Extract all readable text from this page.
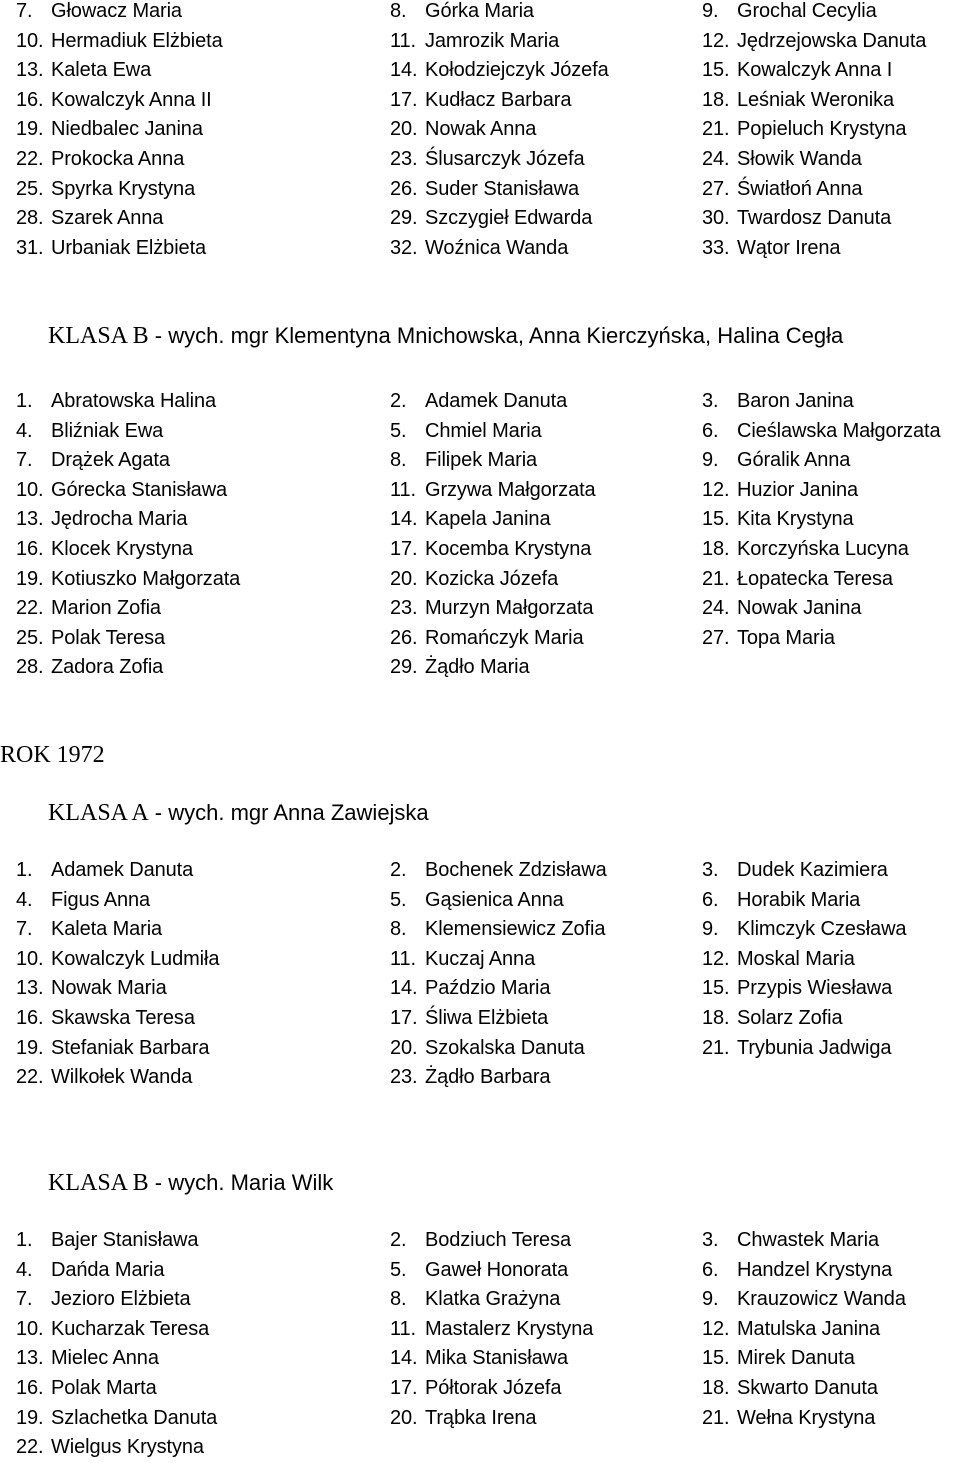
7. Głowacz Maria	8. Górka Maria	9. Grochal Cecylia
10. Hermadiuk Elżbieta	11. Jamrozik Maria	12. Jędrzejowska Danuta
13. Kaleta Ewa	14. Kołodziejczyk Józefa	15. Kowalczyk Anna I
16. Kowalczyk Anna II	17. Kudłacz Barbara	18. Leśniak Weronika
19. Niedbalec Janina	20. Nowak Anna	21. Popieluch Krystyna
22. Prokocka Anna	23. Ślusarczyk Józefa	24. Słowik Wanda
25. Spyrka Krystyna	26. Suder Stanisława	27. Światłoń Anna
28. Szarek Anna	29. Szczygieł Edwarda	30. Twardosz Danuta
31. Urbaniak Elżbieta	32. Woźnica Wanda	33. Wątor Irena
1. Abratowska Halina	2. Adamek Danuta	3. Baron Janina
4. Bliźniak Ewa	5. Chmiel Maria	6. Cieślawska Małgorzata
7. Drążek Agata	8. Filipek Maria	9. Góralik Anna
10. Górecka Stanisława	11. Grzywa Małgorzata	12. Huzior Janina
13. Jędrocha Maria	14. Kapela Janina	15. Kita Krystyna
16. Klocek Krystyna	17. Kocemba Krystyna	18. Korczyńska Lucyna
19. Kotiuszko Małgorzata	20. Kozicka Józefa	21. Łopatecka Teresa
22. Marion Zofia	23. Murzyn Małgorzata	24. Nowak Janina
25. Polak Teresa	26. Romańczyk Maria	27. Topa Maria
28. Zadora Zofia	29. Żądło Maria
1. Adamek Danuta	2. Bochenek Zdzisława	3. Dudek Kazimiera
4. Figus Anna	5. Gąsienica Anna	6. Horabik Maria
7. Kaleta Maria	8. Klemensiewicz Zofia	9. Klimczyk Czesława
10. Kowalczyk Ludmiła	11. Kuczaj Anna	12. Moskal Maria
13. Nowak Maria	14. Paździo Maria	15. Przypis Wiesława
16. Skawska Teresa	17. Śliwa Elżbieta	18. Solarz Zofia
19. Stefaniak Barbara	20. Szokalska Danuta	21. Trybunia Jadwiga
22. Wilkołek Wanda	23. Żądło Barbara
1. Bajer Stanisława	2. Bodziuch Teresa	3. Chwastek Maria
4. Dańda Maria	5. Gaweł Honorata	6. Handzel Krystyna
7. Jezioro Elżbieta	8. Klatka Grażyna	9. Krauzowicz Wanda
10. Kucharzak Teresa	11. Mastalerz Krystyna	12. Matulska Janina
13. Mielec Anna	14. Mika Stanisława	15. Mirek Danuta
16. Polak Marta	17. Półtorak Józefa	18. Skwarto Danuta
19. Szlachetka Danuta	20. Trąbka Irena	21. Wełna Krystyna
22. Wielgus Krystyna
KLASA B - wych. mgr Klementyna Mnichowska, Anna Kierczyńska, Halina Cegła
ROK 1972
KLASA A - wych. mgr Anna Zawiejska
KLASA B - wych. Maria Wilk
